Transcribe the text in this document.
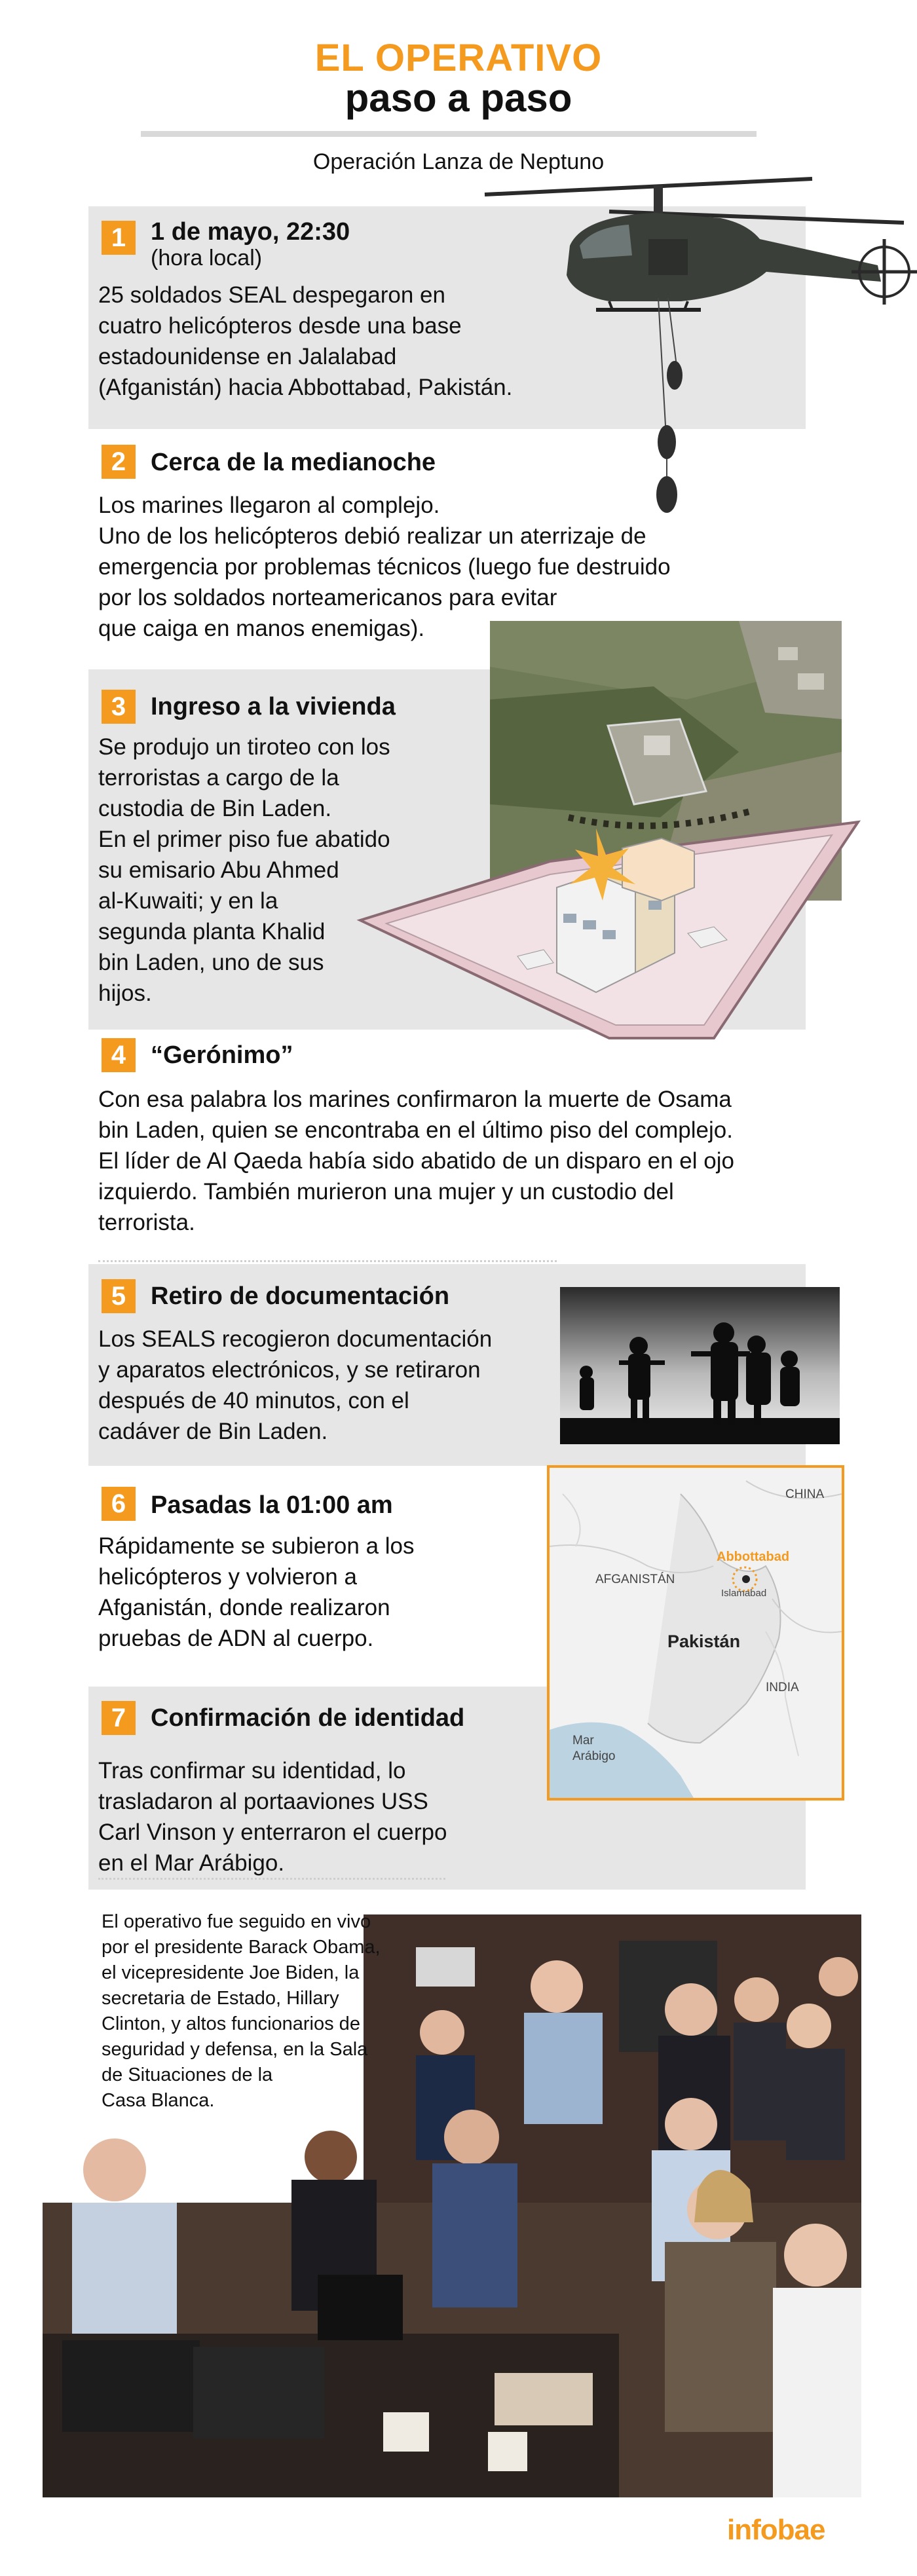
EL OPERATIVO
paso a paso
Operación Lanza de Neptuno
1 1 de mayo, 22:30
(hora local)
25 soldados SEAL despegaron en
cuatro helicópteros desde una base
estadounidense en Jalalabad
(Afganistán) hacia Abbottabad, Pakistán.
2 Cerca de la medianoche
Los marines llegaron al complejo.
Uno de los helicópteros debió realizar un aterrizaje de
emergencia por problemas técnicos (luego fue destruido
por los soldados norteamericanos para evitar
que caiga en manos enemigas).
3 Ingreso a la vivienda
Se produjo un tiroteo con los
terroristas a cargo de la
custodia de Bin Laden.
En el primer piso fue abatido
su emisario Abu Ahmed
al-Kuwaiti; y en la
segunda planta Khalid
bin Laden, uno de sus
hijos.
4 “Gerónimo”
Con esa palabra los marines confirmaron la muerte de Osama
bin Laden, quien se encontraba en el último piso del complejo.
El líder de Al Qaeda había sido abatido de un disparo en el ojo
izquierdo. También murieron una mujer y un custodio del
terrorista.
5 Retiro de documentación
Los SEALS recogieron documentación
y aparatos electrónicos, y se retiraron
después de 40 minutos, con el
cadáver de Bin Laden.
6 Pasadas la 01:00 am
Rápidamente se subieron a los
helicópteros y volvieron a
Afganistán, donde realizaron
pruebas de ADN al cuerpo.
7 Confirmación de identidad
Tras confirmar su identidad, lo
trasladaron al portaaviones USS
Carl Vinson y enterraron el cuerpo
en el Mar Arábigo.
CHINA
AFGANISTÁN
Abbottabad
Islamabad
Pakistán
INDIA
Mar
Arábigo
El operativo fue seguido en vivo
por el presidente Barack Obama,
el vicepresidente Joe Biden, la
secretaria de Estado, Hillary
Clinton, y altos funcionarios de
seguridad y defensa, en la Sala
de Situaciones de la
Casa Blanca.
infobae
